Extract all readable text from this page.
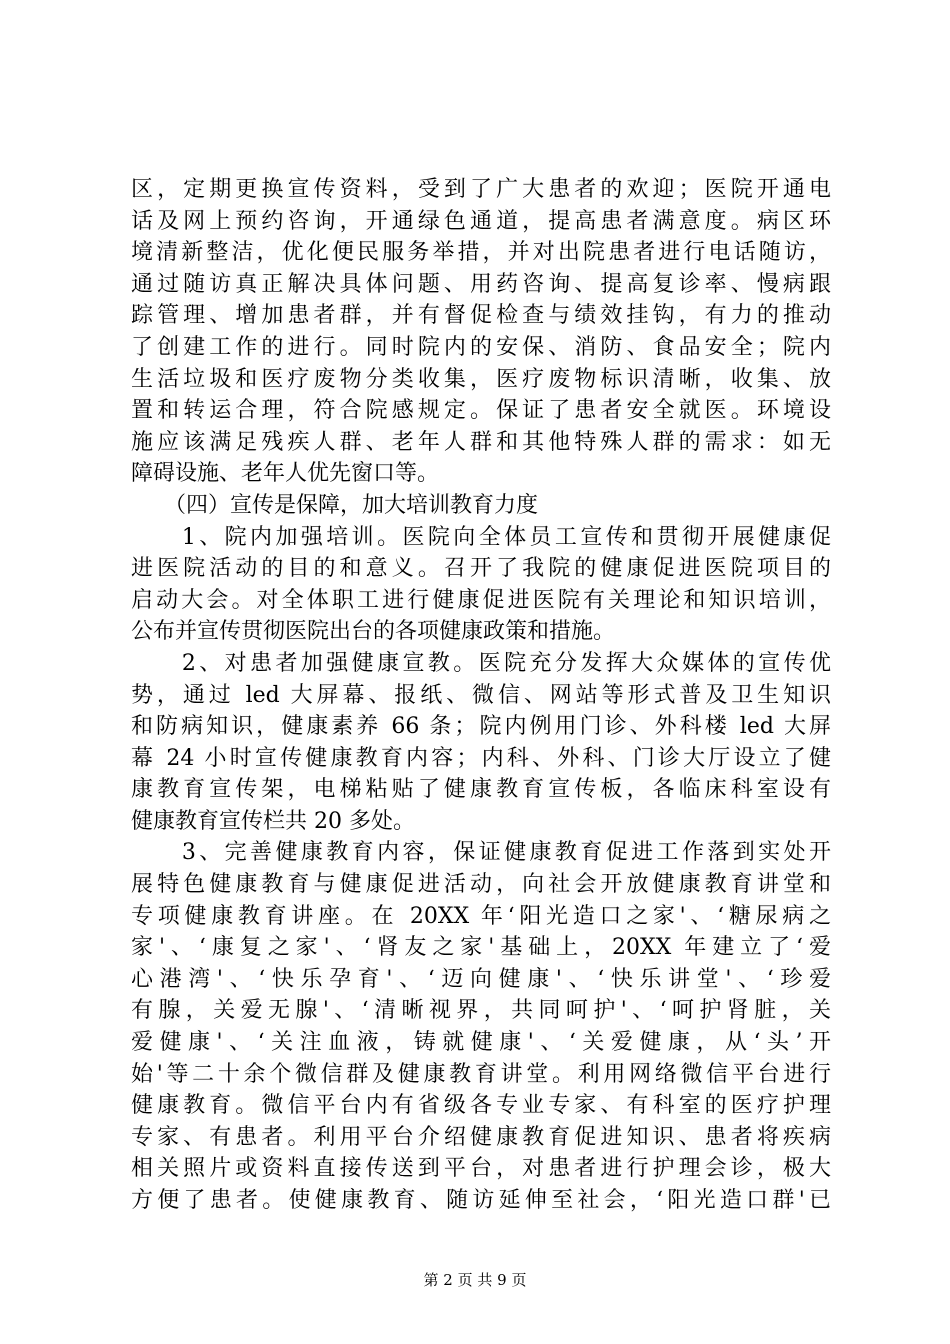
区，定期更换宣传资料，受到了广大患者的欢迎；医院开通电
话及网上预约咨询，开通绿色通道，提高患者满意度。病区环
境清新整洁，优化便民服务举措，并对出院患者进行电话随访，
通过随访真正解决具体问题、用药咨询、提高复诊率、慢病跟
踪管理、增加患者群，并有督促检查与绩效挂钩，有力的推动
了创建工作的进行。同时院内的安保、消防、食品安全；院内
生活垃圾和医疗废物分类收集，医疗废物标识清晰，收集、放
置和转运合理，符合院感规定。保证了患者安全就医。环境设
施应该满足残疾人群、老年人群和其他特殊人群的需求：如无
障碍设施、老年人优先窗口等。
　　（四）宣传是保障，加大培训教育力度
　　1、院内加强培训。医院向全体员工宣传和贯彻开展健康促
进医院活动的目的和意义。召开了我院的健康促进医院项目的
启动大会。对全体职工进行健康促进医院有关理论和知识培训，
公布并宣传贯彻医院出台的各项健康政策和措施。
　　2、对患者加强健康宣教。医院充分发挥大众媒体的宣传优
势，通过 led 大屏幕、报纸、微信、网站等形式普及卫生知识
和防病知识，健康素养 66 条；院内例用门诊、外科楼 led 大屏
幕 24 小时宣传健康教育内容；内科、外科、门诊大厅设立了健
康教育宣传架，电梯粘贴了健康教育宣传板，各临床科室设有
健康教育宣传栏共 20 多处。
　　3、完善健康教育内容，保证健康教育促进工作落到实处开
展特色健康教育与健康促进活动，向社会开放健康教育讲堂和
专项健康教育讲座。在 20XX 年‘阳光造口之家'、‘糖尿病之
家'、‘康复之家'、‘肾友之家'基础上，20XX 年建立了‘爱
心港湾'、‘快乐孕育'、‘迈向健康'、‘快乐讲堂'、‘珍爱
有腺，关爱无腺'、‘清晰视界，共同呵护'、‘呵护肾脏，关
爱健康'、‘关注血液，铸就健康'、‘关爱健康，从‘头’开
始'等二十余个微信群及健康教育讲堂。利用网络微信平台进行
健康教育。微信平台内有省级各专业专家、有科室的医疗护理
专家、有患者。利用平台介绍健康教育促进知识、患者将疾病
相关照片或资料直接传送到平台，对患者进行护理会诊，极大
方便了患者。使健康教育、随访延伸至社会，‘阳光造口群'已
第 2 页 共 9 页
